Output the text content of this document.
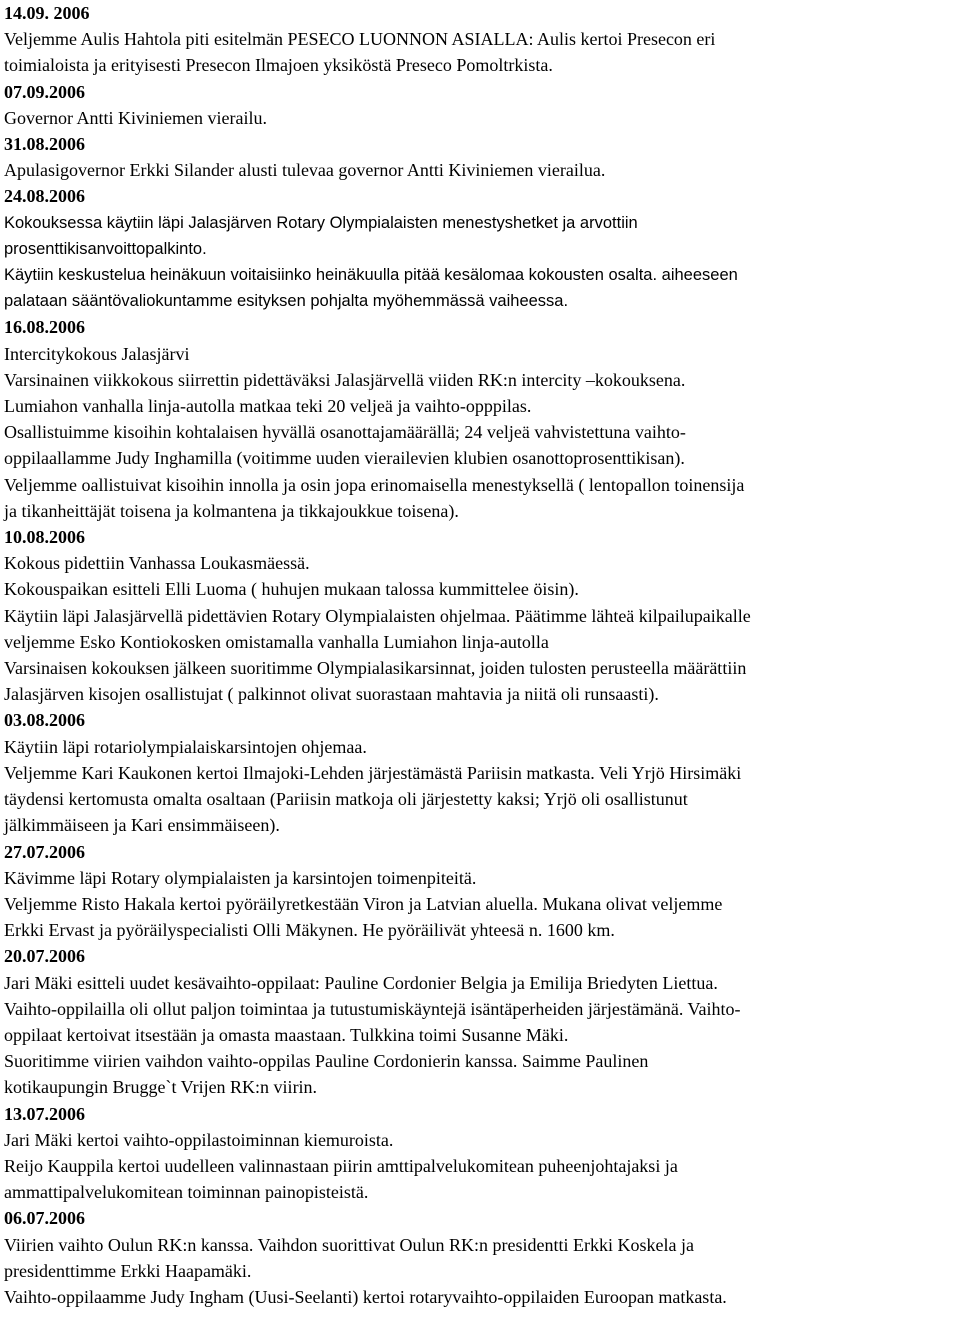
14.09. 2006
Veljemme Aulis Hahtola piti esitelmän PESECO LUONNON ASIALLA: Aulis kertoi Presecon eri
toimialoista ja erityisesti Presecon Ilmajoen yksiköstä Preseco Pomoltrkista.
07.09.2006
Governor Antti Kiviniemen vierailu.
31.08.2006
Apulasigovernor Erkki Silander alusti tulevaa governor Antti Kiviniemen vierailua.
24.08.2006
Kokouksessa käytiin läpi Jalasjärven Rotary Olympialaisten menestyshetket ja arvottiin
prosenttikisanvoittopalkinto.
Käytiin keskustelua heinäkuun voitaisiinko heinäkuulla pitää kesälomaa kokousten osalta. aiheeseen
palataan sääntövaliokuntamme esityksen pohjalta myöhemmässä vaiheessa.
16.08.2006
Intercitykokous Jalasjärvi
Varsinainen viikkokous siirrettin pidettäväksi Jalasjärvellä viiden RK:n intercity –kokouksena.
Lumiahon vanhalla linja-autolla matkaa teki 20 veljeä ja vaihto-opppilas.
Osallistuimme kisoihin kohtalaisen hyvällä osanottajamäärällä; 24 veljeä vahvistettuna vaihto-
oppilaallamme Judy Inghamilla (voitimme uuden vierailevien klubien osanottoprosenttikisan).
Veljemme oallistuivat kisoihin innolla ja osin jopa erinomaisella menestyksellä ( lentopallon toinensija
ja tikanheittäjät toisena ja kolmantena ja tikkajoukkue toisena).
10.08.2006
Kokous pidettiin Vanhassa Loukasmäessä.
Kokouspaikan esitteli Elli Luoma ( huhujen mukaan talossa kummittelee öisin).
Käytiin läpi Jalasjärvellä pidettävien Rotary Olympialaisten ohjelmaa. Päätimme lähteä kilpailupaikalle
veljemme Esko Kontiokosken omistamalla vanhalla Lumiahon linja-autolla
Varsinaisen kokouksen jälkeen suoritimme Olympialasikarsinnat, joiden tulosten perusteella määrättiin
Jalasjärven kisojen osallistujat ( palkinnot olivat suorastaan mahtavia ja niitä oli runsaasti).
03.08.2006
Käytiin läpi rotariolympialaiskarsintojen ohjemaa.
Veljemme Kari Kaukonen kertoi Ilmajoki-Lehden järjestämästä Pariisin matkasta. Veli Yrjö Hirsimäki
täydensi kertomusta omalta osaltaan (Pariisin matkoja oli järjestetty kaksi; Yrjö oli osallistunut
jälkimmäiseen ja Kari ensimmäiseen).
27.07.2006
Kävimme läpi Rotary olympialaisten ja karsintojen toimenpiteitä.
Veljemme Risto Hakala kertoi pyöräilyretkestään Viron ja Latvian aluella. Mukana olivat veljemme
Erkki Ervast ja pyöräilyspecialisti Olli Mäkynen. He pyöräilivät yhteesä n. 1600 km.
20.07.2006
Jari Mäki esitteli uudet kesävaihto-oppilaat: Pauline Cordonier Belgia ja Emilija Briedyten Liettua.
Vaihto-oppilailla oli ollut paljon toimintaa ja tutustumiskäyntejä isäntäperheiden järjestämänä. Vaihto-
oppilaat kertoivat itsestään ja omasta maastaan. Tulkkina toimi Susanne Mäki.
Suoritimme viirien vaihdon vaihto-oppilas Pauline Cordonierin kanssa. Saimme Paulinen
kotikaupungin Brugge`t Vrijen RK:n viirin.
13.07.2006
Jari Mäki kertoi vaihto-oppilastoiminnan kiemuroista.
Reijo Kauppila kertoi uudelleen valinnastaan piirin amttipalvelukomitean puheenjohtajaksi ja
ammattipalvelukomitean toiminnan painopisteistä.
06.07.2006
Viirien vaihto Oulun RK:n kanssa. Vaihdon suorittivat Oulun RK:n presidentti Erkki Koskela ja
presidenttimme Erkki Haapamäki.
Vaihto-oppilaamme Judy Ingham (Uusi-Seelanti) kertoi rotaryvaihto-oppilaiden Euroopan matkasta.
